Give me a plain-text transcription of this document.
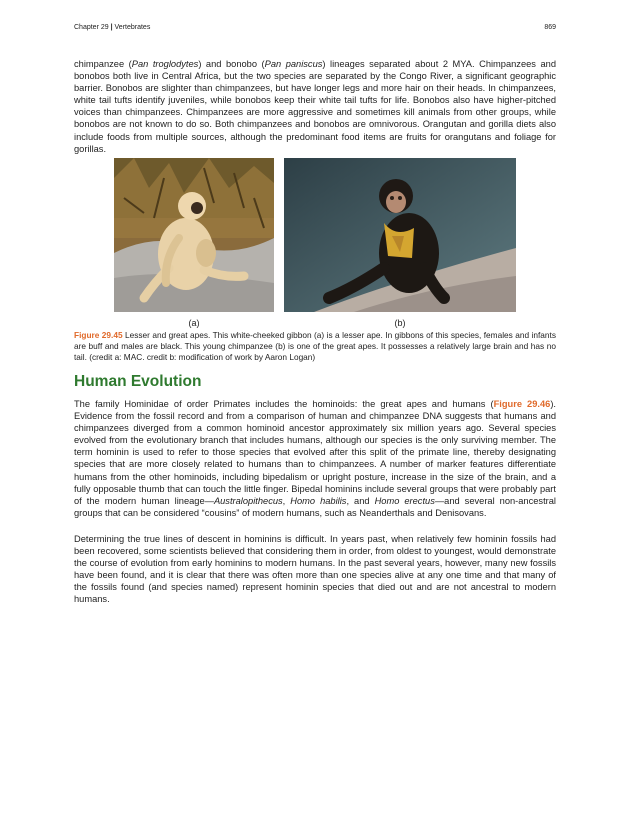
Chapter 29 | Vertebrates	869

chimpanzee (Pan troglodytes) and bonobo (Pan paniscus) lineages separated about 2 MYA. Chimpanzees and bonobos both live in Central Africa, but the two species are separated by the Congo River, a significant geographic barrier. Bonobos are slighter than chimpanzees, but have longer legs and more hair on their heads. In chimpanzees, white tail tufts identify juveniles, while bonobos keep their white tail tufts for life. Bonobos also have higher-pitched voices than chimpanzees. Chimpanzees are more aggressive and sometimes kill animals from other groups, while bonobos are not known to do so. Both chimpanzees and bonobos are omnivorous. Orangutan and gorilla diets also include foods from multiple sources, although the predominant food items are fruits for orangutans and foliage for gorillas.

(a)	(b)

Figure 29.45 Lesser and great apes. This white-cheeked gibbon (a) is a lesser ape. In gibbons of this species, females and infants are buff and males are black. This young chimpanzee (b) is one of the great apes. It possesses a relatively large brain and has no tail. (credit a: MAC. credit b: modification of work by Aaron Logan)

Human Evolution

The family Hominidae of order Primates includes the hominoids: the great apes and humans (Figure 29.46). Evidence from the fossil record and from a comparison of human and chimpanzee DNA suggests that humans and chimpanzees diverged from a common hominoid ancestor approximately six million years ago. Several species evolved from the evolutionary branch that includes humans, although our species is the only surviving member. The term hominin is used to refer to those species that evolved after this split of the primate line, thereby designating species that are more closely related to humans than to chimpanzees. A number of marker features differentiate humans from the other hominoids, including bipedalism or upright posture, increase in the size of the brain, and a fully opposable thumb that can touch the little finger. Bipedal hominins include several groups that were probably part of the modern human lineage—Australopithecus, Homo habilis, and Homo erectus—and several non-ancestral groups that can be considered “cousins” of modern humans, such as Neanderthals and Denisovans.

Determining the true lines of descent in hominins is difficult. In years past, when relatively few hominin fossils had been recovered, some scientists believed that considering them in order, from oldest to youngest, would demonstrate the course of evolution from early hominins to modern humans. In the past several years, however, many new fossils have been found, and it is clear that there was often more than one species alive at any one time and that many of the fossils found (and species named) represent hominin species that died out and are not ancestral to modern humans.
